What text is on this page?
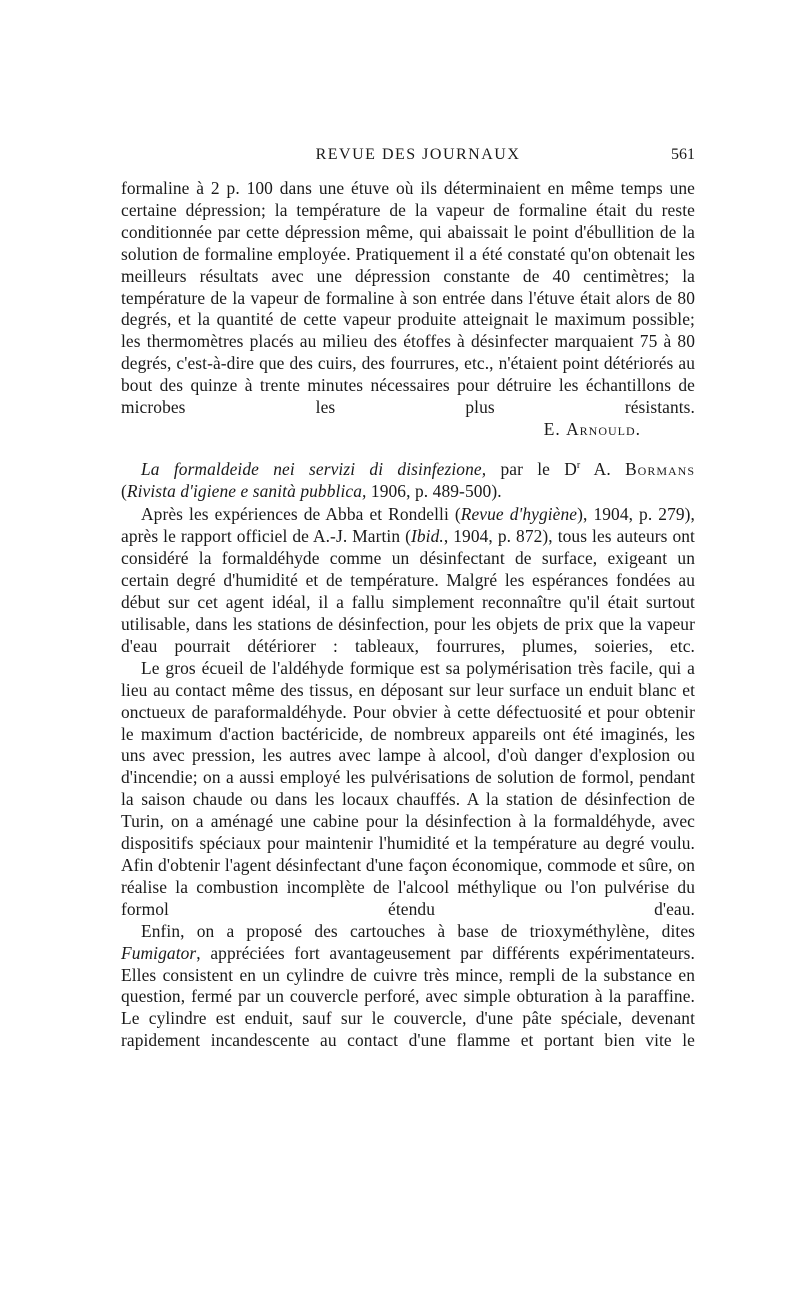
REVUE DES JOURNAUX	561

formaline à 2 p. 100 dans une étuve où ils déterminaient en même temps une certaine dépression; la température de la vapeur de formaline était du reste conditionnée par cette dépression même, qui abaissait le point d'ébullition de la solution de formaline employée. Pratiquement il a été constaté qu'on obtenait les meilleurs résultats avec une dépression constante de 40 centimètres; la température de la vapeur de formaline à son entrée dans l'étuve était alors de 80 degrés, et la quantité de cette vapeur produite atteignait le maximum possible; les thermomètres placés au milieu des étoffes à désinfecter marquaient 75 à 80 degrés, c'est-à-dire que des cuirs, des fourrures, etc., n'étaient point détériorés au bout des quinze à trente minutes nécessaires pour détruire les échantillons de microbes les plus résistants.

E. Arnould.

La formaldeide nei servizi di disinfezione, par le $D^r$ A. Bormans

(Rivista d'igiene e sanità pubblica, 1906, p. 489-500).

Après les expériences de Abba et Rondelli (Revue d'hygiène), 1904, p. 279), après le rapport officiel de A.-J. Martin (Ibid., 1904, p. 872), tous les auteurs ont considéré la formaldéhyde comme un désinfectant de surface, exigeant un certain degré d'humidité et de température. Malgré les espérances fondées au début sur cet agent idéal, il a fallu simplement reconnaître qu'il était surtout utilisable, dans les stations de désinfection, pour les objets de prix que la vapeur d'eau pourrait détériorer : tableaux, fourrures, plumes, soieries, etc.

Le gros écueil de l'aldéhyde formique est sa polymérisation très facile, qui a lieu au contact même des tissus, en déposant sur leur surface un enduit blanc et onctueux de paraformaldéhyde. Pour obvier à cette défectuosité et pour obtenir le maximum d'action bactéricide, de nombreux appareils ont été imaginés, les uns avec pression, les autres avec lampe à alcool, d'où danger d'explosion ou d'incendie; on a aussi employé les pulvérisations de solution de formol, pendant la saison chaude ou dans les locaux chauffés. A la station de désinfection de Turin, on a aménagé une cabine pour la désinfection à la formaldéhyde, avec dispositifs spéciaux pour maintenir l'humidité et la température au degré voulu. Afin d'obtenir l'agent désinfectant d'une façon économique, commode et sûre, on réalise la combustion incomplète de l'alcool méthylique ou l'on pulvérise du formol étendu d'eau.

Enfin, on a proposé des cartouches à base de trioxyméthylène, dites Fumigator, appréciées fort avantageusement par différents expérimentateurs. Elles consistent en un cylindre de cuivre très mince, rempli de la substance en question, fermé par un couvercle perforé, avec simple obturation à la paraffine. Le cylindre est enduit, sauf sur le couvercle, d'une pâte spéciale, devenant rapidement incandescente au contact d'une flamme et portant bien vite le
